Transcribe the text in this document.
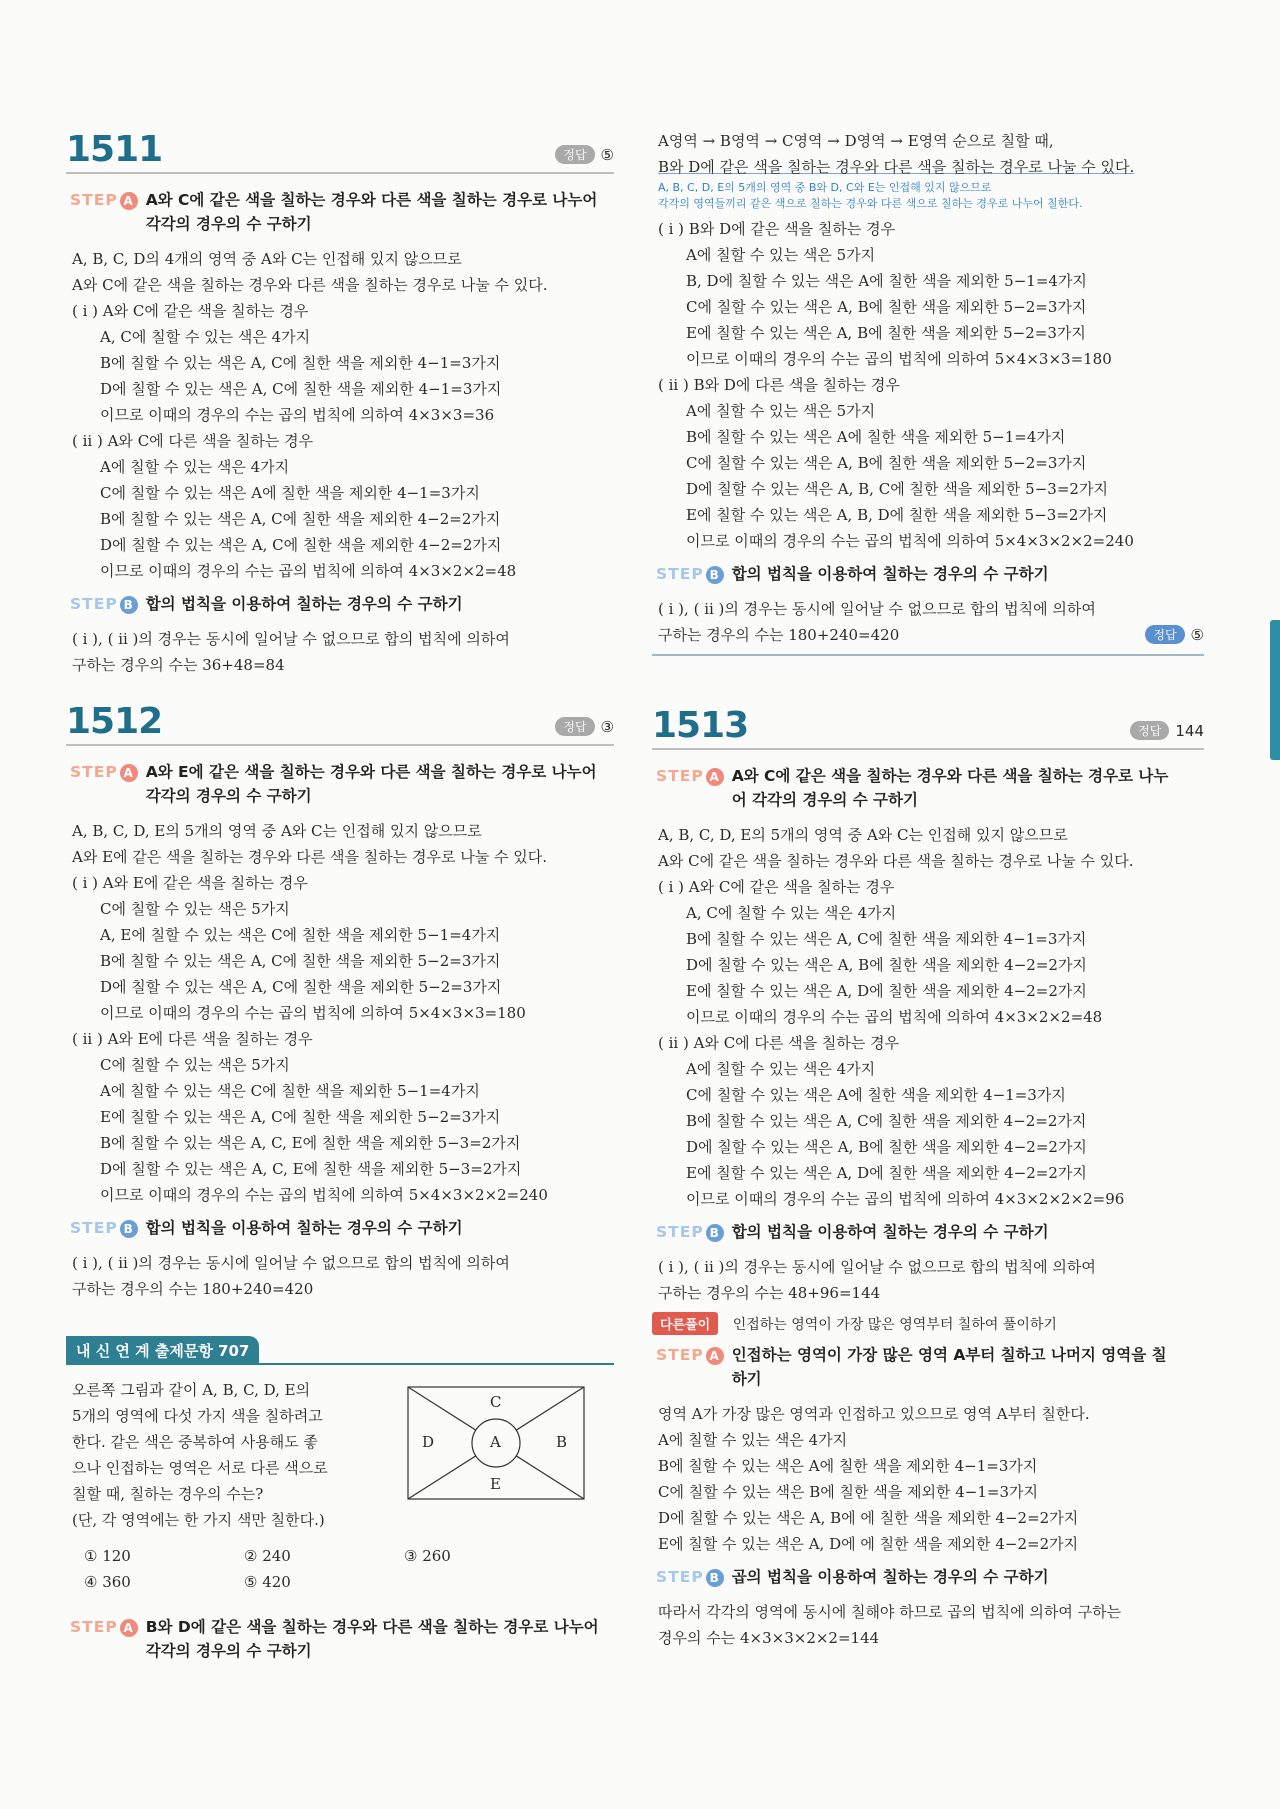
1511	정답 ⑤
STEP A A와 C에 같은 색을 칠하는 경우와 다른 색을 칠하는 경우로 나누어 각각의 경우의 수 구하기
A, B, C, D의 4개의 영역 중 A와 C는 인접해 있지 않으므로
A와 C에 같은 색을 칠하는 경우와 다른 색을 칠하는 경우로 나눌 수 있다.
( i ) A와 C에 같은 색을 칠하는 경우
A, C에 칠할 수 있는 색은 4가지
B에 칠할 수 있는 색은 A, C에 칠한 색을 제외한 4−1=3가지
D에 칠할 수 있는 색은 A, C에 칠한 색을 제외한 4−1=3가지
이므로 이때의 경우의 수는 곱의 법칙에 의하여 4×3×3=36
( ii ) A와 C에 다른 색을 칠하는 경우
A에 칠할 수 있는 색은 4가지
C에 칠할 수 있는 색은 A에 칠한 색을 제외한 4−1=3가지
B에 칠할 수 있는 색은 A, C에 칠한 색을 제외한 4−2=2가지
D에 칠할 수 있는 색은 A, C에 칠한 색을 제외한 4−2=2가지
이므로 이때의 경우의 수는 곱의 법칙에 의하여 4×3×2×2=48
STEP B 합의 법칙을 이용하여 칠하는 경우의 수 구하기
( i ), ( ii )의 경우는 동시에 일어날 수 없으므로 합의 법칙에 의하여
구하는 경우의 수는 36+48=84
1512	정답 ③
STEP A A와 E에 같은 색을 칠하는 경우와 다른 색을 칠하는 경우로 나누어 각각의 경우의 수 구하기
A, B, C, D, E의 5개의 영역 중 A와 C는 인접해 있지 않으므로
A와 E에 같은 색을 칠하는 경우와 다른 색을 칠하는 경우로 나눌 수 있다.
( i ) A와 E에 같은 색을 칠하는 경우
C에 칠할 수 있는 색은 5가지
A, E에 칠할 수 있는 색은 C에 칠한 색을 제외한 5−1=4가지
B에 칠할 수 있는 색은 A, C에 칠한 색을 제외한 5−2=3가지
D에 칠할 수 있는 색은 A, C에 칠한 색을 제외한 5−2=3가지
이므로 이때의 경우의 수는 곱의 법칙에 의하여 5×4×3×3=180
( ii ) A와 E에 다른 색을 칠하는 경우
C에 칠할 수 있는 색은 5가지
A에 칠할 수 있는 색은 C에 칠한 색을 제외한 5−1=4가지
E에 칠할 수 있는 색은 A, C에 칠한 색을 제외한 5−2=3가지
B에 칠할 수 있는 색은 A, C, E에 칠한 색을 제외한 5−3=2가지
D에 칠할 수 있는 색은 A, C, E에 칠한 색을 제외한 5−3=2가지
이므로 이때의 경우의 수는 곱의 법칙에 의하여 5×4×3×2×2=240
STEP B 합의 법칙을 이용하여 칠하는 경우의 수 구하기
( i ), ( ii )의 경우는 동시에 일어날 수 없으므로 합의 법칙에 의하여
구하는 경우의 수는 180+240=420
내 신 연 계 출제문항 707
오른쪽 그림과 같이 A, B, C, D, E의
5개의 영역에 다섯 가지 색을 칠하려고
한다. 같은 색은 중복하여 사용해도 좋
으나 인접하는 영역은 서로 다른 색으로
칠할 때, 칠하는 경우의 수는?
(단, 각 영역에는 한 가지 색만 칠한다.)
C
D	A	B
E
① 120	② 240	③ 260
④ 360	⑤ 420
STEP A B와 D에 같은 색을 칠하는 경우와 다른 색을 칠하는 경우로 나누어 각각의 경우의 수 구하기
A영역 → B영역 → C영역 → D영역 → E영역 순으로 칠할 때,
B와 D에 같은 색을 칠하는 경우와 다른 색을 칠하는 경우로 나눌 수 있다.
A, B, C, D, E의 5개의 영역 중 B와 D, C와 E는 인접해 있지 않으므로
각각의 영역들끼리 같은 색으로 칠하는 경우와 다른 색으로 칠하는 경우로 나누어 칠한다.
( i ) B와 D에 같은 색을 칠하는 경우
A에 칠할 수 있는 색은 5가지
B, D에 칠할 수 있는 색은 A에 칠한 색을 제외한 5−1=4가지
C에 칠할 수 있는 색은 A, B에 칠한 색을 제외한 5−2=3가지
E에 칠할 수 있는 색은 A, B에 칠한 색을 제외한 5−2=3가지
이므로 이때의 경우의 수는 곱의 법칙에 의하여 5×4×3×3=180
( ii ) B와 D에 다른 색을 칠하는 경우
A에 칠할 수 있는 색은 5가지
B에 칠할 수 있는 색은 A에 칠한 색을 제외한 5−1=4가지
C에 칠할 수 있는 색은 A, B에 칠한 색을 제외한 5−2=3가지
D에 칠할 수 있는 색은 A, B, C에 칠한 색을 제외한 5−3=2가지
E에 칠할 수 있는 색은 A, B, D에 칠한 색을 제외한 5−3=2가지
이므로 이때의 경우의 수는 곱의 법칙에 의하여 5×4×3×2×2=240
STEP B 합의 법칙을 이용하여 칠하는 경우의 수 구하기
( i ), ( ii )의 경우는 동시에 일어날 수 없으므로 합의 법칙에 의하여
구하는 경우의 수는 180+240=420	정답 ⑤
1513	정답 144
STEP A A와 C에 같은 색을 칠하는 경우와 다른 색을 칠하는 경우로 나누어 각각의 경우의 수 구하기
A, B, C, D, E의 5개의 영역 중 A와 C는 인접해 있지 않으므로
A와 C에 같은 색을 칠하는 경우와 다른 색을 칠하는 경우로 나눌 수 있다.
( i ) A와 C에 같은 색을 칠하는 경우
A, C에 칠할 수 있는 색은 4가지
B에 칠할 수 있는 색은 A, C에 칠한 색을 제외한 4−1=3가지
D에 칠할 수 있는 색은 A, B에 칠한 색을 제외한 4−2=2가지
E에 칠할 수 있는 색은 A, D에 칠한 색을 제외한 4−2=2가지
이므로 이때의 경우의 수는 곱의 법칙에 의하여 4×3×2×2=48
( ii ) A와 C에 다른 색을 칠하는 경우
A에 칠할 수 있는 색은 4가지
C에 칠할 수 있는 색은 A에 칠한 색을 제외한 4−1=3가지
B에 칠할 수 있는 색은 A, C에 칠한 색을 제외한 4−2=2가지
D에 칠할 수 있는 색은 A, B에 칠한 색을 제외한 4−2=2가지
E에 칠할 수 있는 색은 A, D에 칠한 색을 제외한 4−2=2가지
이므로 이때의 경우의 수는 곱의 법칙에 의하여 4×3×2×2×2=96
STEP B 합의 법칙을 이용하여 칠하는 경우의 수 구하기
( i ), ( ii )의 경우는 동시에 일어날 수 없으므로 합의 법칙에 의하여
구하는 경우의 수는 48+96=144
다른풀이 인접하는 영역이 가장 많은 영역부터 칠하여 풀이하기
STEP A 인접하는 영역이 가장 많은 영역 A부터 칠하고 나머지 영역을 칠하기
영역 A가 가장 많은 영역과 인접하고 있으므로 영역 A부터 칠한다.
A에 칠할 수 있는 색은 4가지
B에 칠할 수 있는 색은 A에 칠한 색을 제외한 4−1=3가지
C에 칠할 수 있는 색은 B에 칠한 색을 제외한 4−1=3가지
D에 칠할 수 있는 색은 A, B에 에 칠한 색을 제외한 4−2=2가지
E에 칠할 수 있는 색은 A, D에 에 칠한 색을 제외한 4−2=2가지
STEP B 곱의 법칙을 이용하여 칠하는 경우의 수 구하기
따라서 각각의 영역에 동시에 칠해야 하므로 곱의 법칙에 의하여 구하는
경우의 수는 4×3×3×2×2=144
